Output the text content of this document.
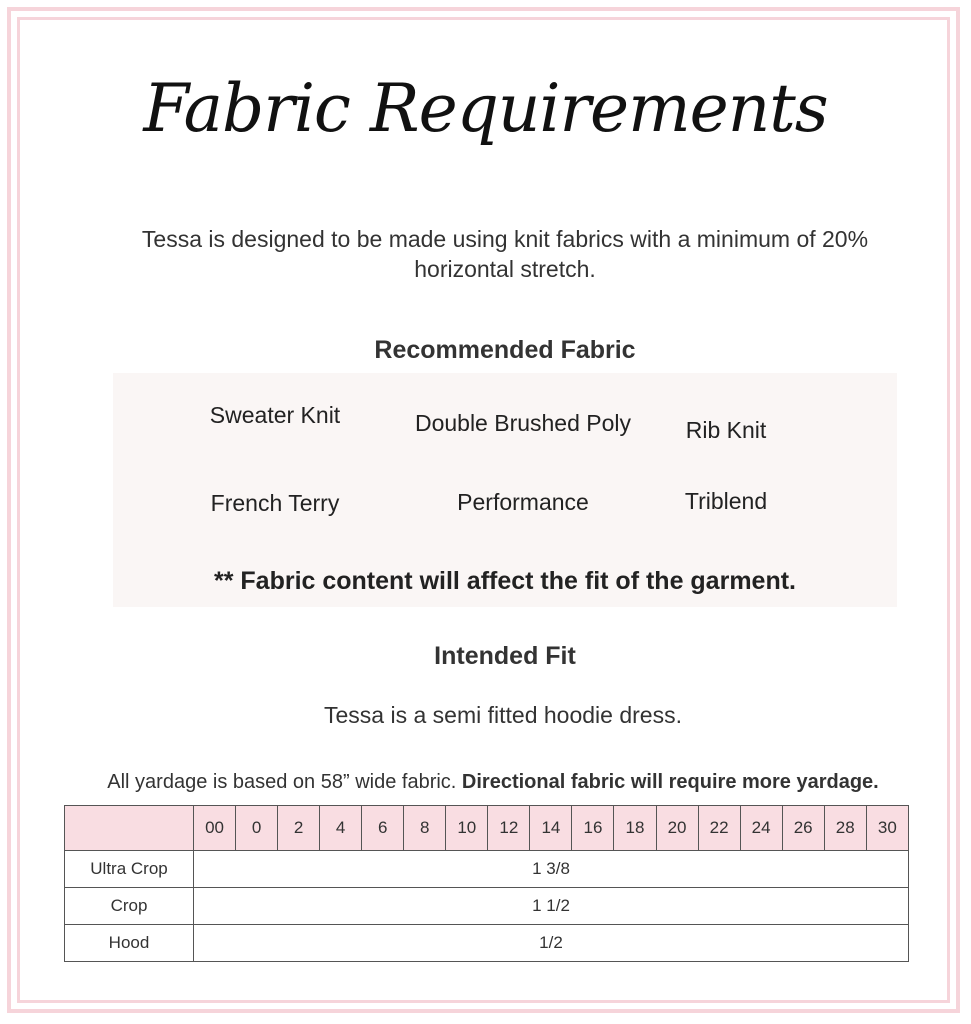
Fabric Requirements
Tessa is designed to be made using knit fabrics with a minimum of 20% horizontal stretch.
Recommended Fabric
Sweater Knit	Double Brushed Poly	Rib Knit
French Terry	Performance	Triblend
** Fabric content will affect the fit of the garment.
Intended Fit
Tessa is a semi fitted hoodie dress.
All yardage is based on 58” wide fabric. Directional fabric will require more yardage.
	00	0	2	4	6	8	10	12	14	16	18	20	22	24	26	28	30
Ultra Crop	1 3/8																
Crop	1 1/2																
Hood	1/2																
